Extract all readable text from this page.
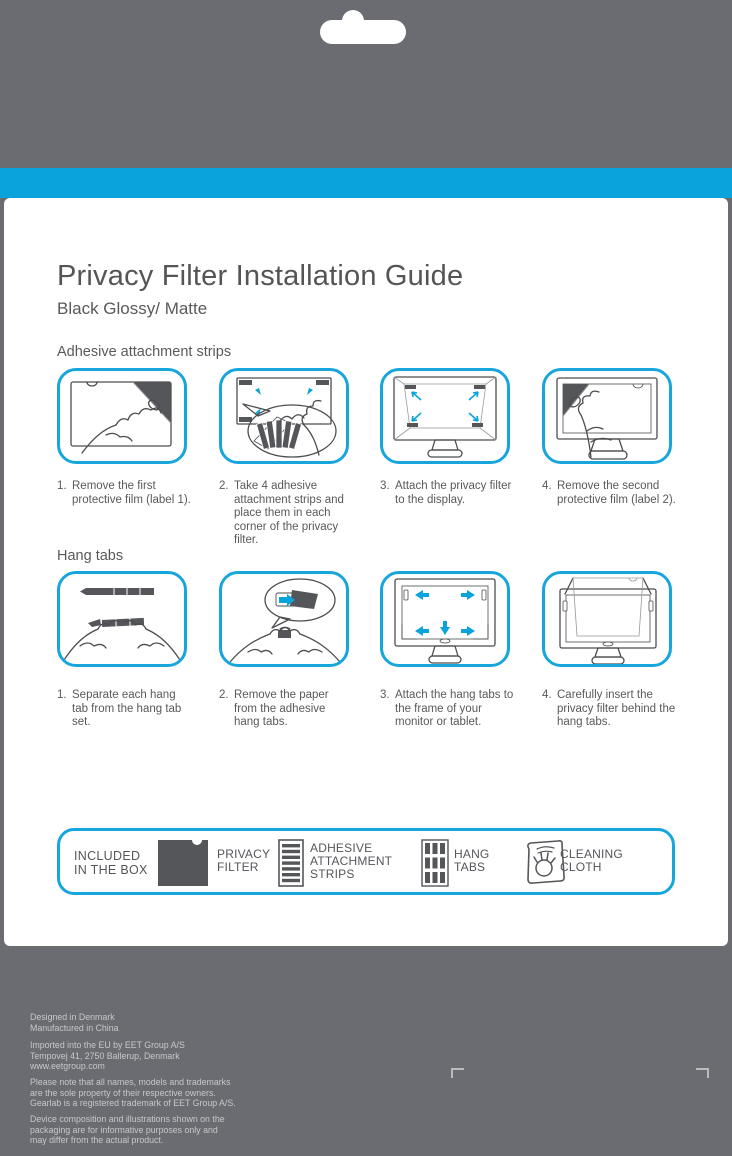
Privacy Filter Installation Guide
Black Glossy/ Matte
Adhesive attachment strips
1. Remove the first protective film (label 1).
2. Take 4 adhesive attachment strips and place them in each corner of the privacy filter.
3. Attach the privacy filter to the display.
4. Remove the second protective film (label 2).
Hang tabs
1. Separate each hang tab from the hang tab set.
2. Remove the paper from the adhesive hang tabs.
3. Attach the hang tabs to the frame of your monitor or tablet.
4. Carefully insert the privacy filter behind the hang tabs.
INCLUDED
IN THE BOX
PRIVACY
FILTER
ADHESIVE
ATTACHMENT
STRIPS
HANG
TABS
CLEANING
CLOTH
Designed in Denmark
Manufactured in China
Imported into the EU by EET Group A/S
Tempovej 41, 2750 Ballerup, Denmark
www.eetgroup.com
Please note that all names, models and trademarks
are the sole property of their respective owners.
Gearlab is a registered trademark of EET Group A/S.
Device composition and illustrations shown on the
packaging are for informative purposes only and
may differ from the actual product.
